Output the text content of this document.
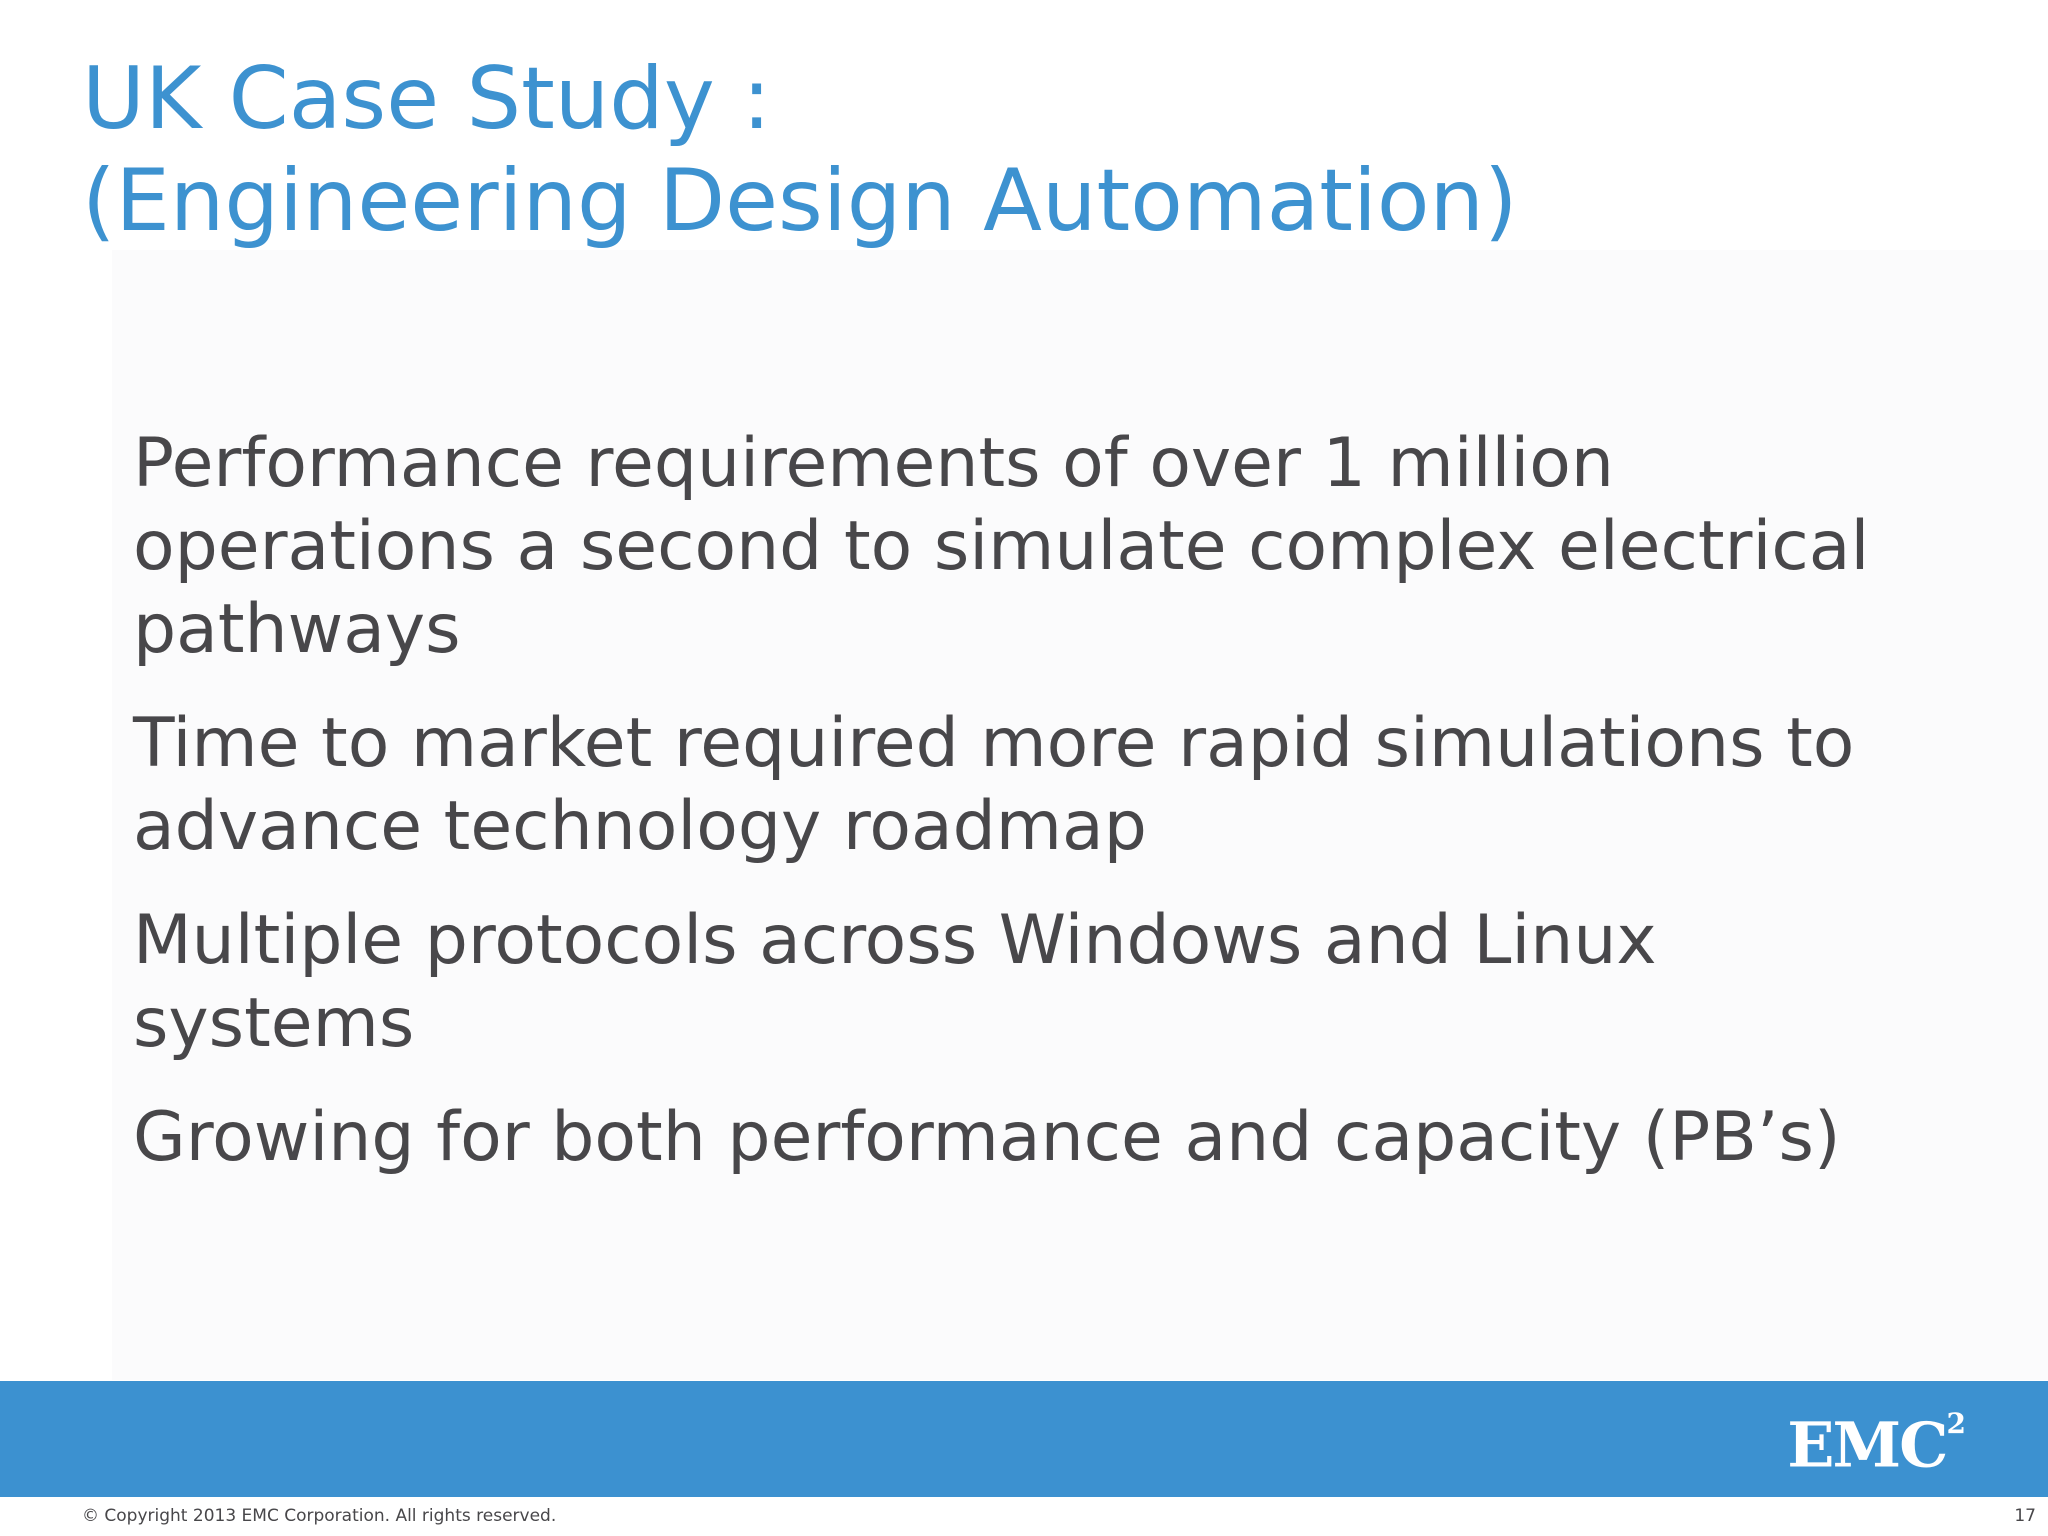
UK Case Study :
(Engineering Design Automation)
Performance requirements of over 1 million operations a second to simulate complex electrical pathways
Time to market required more rapid simulations to advance technology roadmap
Multiple protocols across Windows and Linux systems
Growing for both performance and capacity (PB’s)
EMC$^2$
© Copyright 2013 EMC Corporation. All rights reserved.	17
